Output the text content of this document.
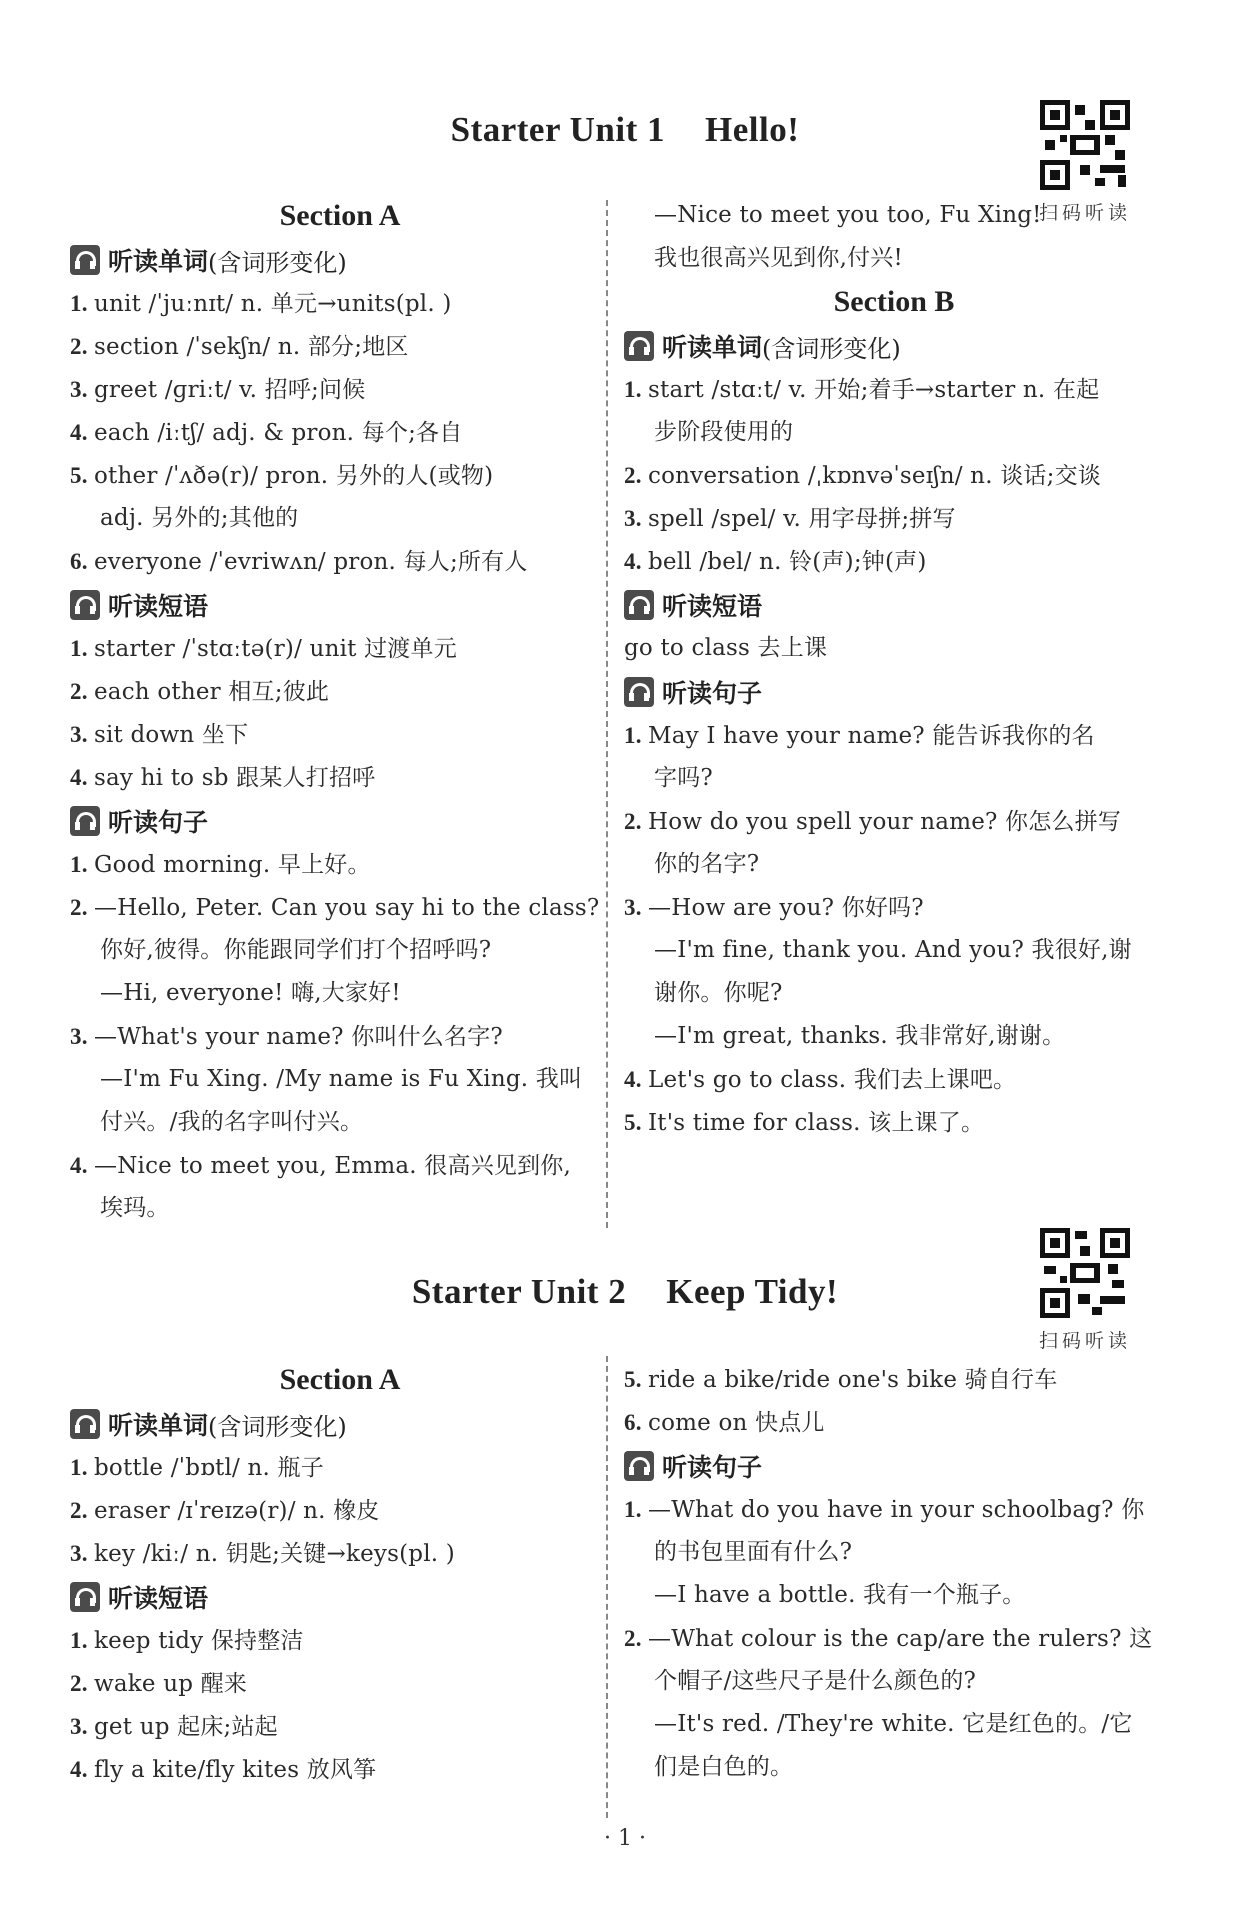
Starter Unit 1 Hello!
扫码听读
Section A
听读单词 (含词形变化)
1. unit /ˈjuːnɪt/ n. 单元→units(pl. )
2. section /ˈsekʃn/ n. 部分;地区
3. greet /ɡriːt/ v. 招呼;问候
4. each /iːtʃ/ adj. & pron. 每个;各自
5. other /ˈʌðə(r)/ pron. 另外的人(或物)
adj. 另外的;其他的
6. everyone /ˈevriwʌn/ pron. 每人;所有人
听读短语
1. starter /ˈstɑːtə(r)/ unit 过渡单元
2. each other 相互;彼此
3. sit down 坐下
4. say hi to sb 跟某人打招呼
听读句子
1. Good morning. 早上好。
2. —Hello, Peter. Can you say hi to the class?
你好,彼得。你能跟同学们打个招呼吗?
—Hi, everyone! 嗨,大家好!
3. —What's your name? 你叫什么名字?
—I'm Fu Xing. /My name is Fu Xing. 我叫
付兴。/我的名字叫付兴。
4. —Nice to meet you, Emma. 很高兴见到你,
埃玛。
—Nice to meet you too, Fu Xing!
我也很高兴见到你,付兴!
Section B
听读单词 (含词形变化)
1. start /stɑːt/ v. 开始;着手→starter n. 在起
步阶段使用的
2. conversation /ˌkɒnvəˈseɪʃn/ n. 谈话;交谈
3. spell /spel/ v. 用字母拼;拼写
4. bell /bel/ n. 铃(声);钟(声)
听读短语
go to class 去上课
听读句子
1. May I have your name? 能告诉我你的名
字吗?
2. How do you spell your name? 你怎么拼写
你的名字?
3. —How are you? 你好吗?
—I'm fine, thank you. And you? 我很好,谢
谢你。你呢?
—I'm great, thanks. 我非常好,谢谢。
4. Let's go to class. 我们去上课吧。
5. It's time for class. 该上课了。
Starter Unit 2 Keep Tidy!
扫码听读
Section A
听读单词 (含词形变化)
1. bottle /ˈbɒtl/ n. 瓶子
2. eraser /ɪˈreɪzə(r)/ n. 橡皮
3. key /kiː/ n. 钥匙;关键→keys(pl. )
听读短语
1. keep tidy 保持整洁
2. wake up 醒来
3. get up 起床;站起
4. fly a kite/fly kites 放风筝
5. ride a bike/ride one's bike 骑自行车
6. come on 快点儿
听读句子
1. —What do you have in your schoolbag? 你
的书包里面有什么?
—I have a bottle. 我有一个瓶子。
2. —What colour is the cap/are the rulers? 这
个帽子/这些尺子是什么颜色的?
—It's red. /They're white. 它是红色的。/它
们是白色的。
· 1 ·
